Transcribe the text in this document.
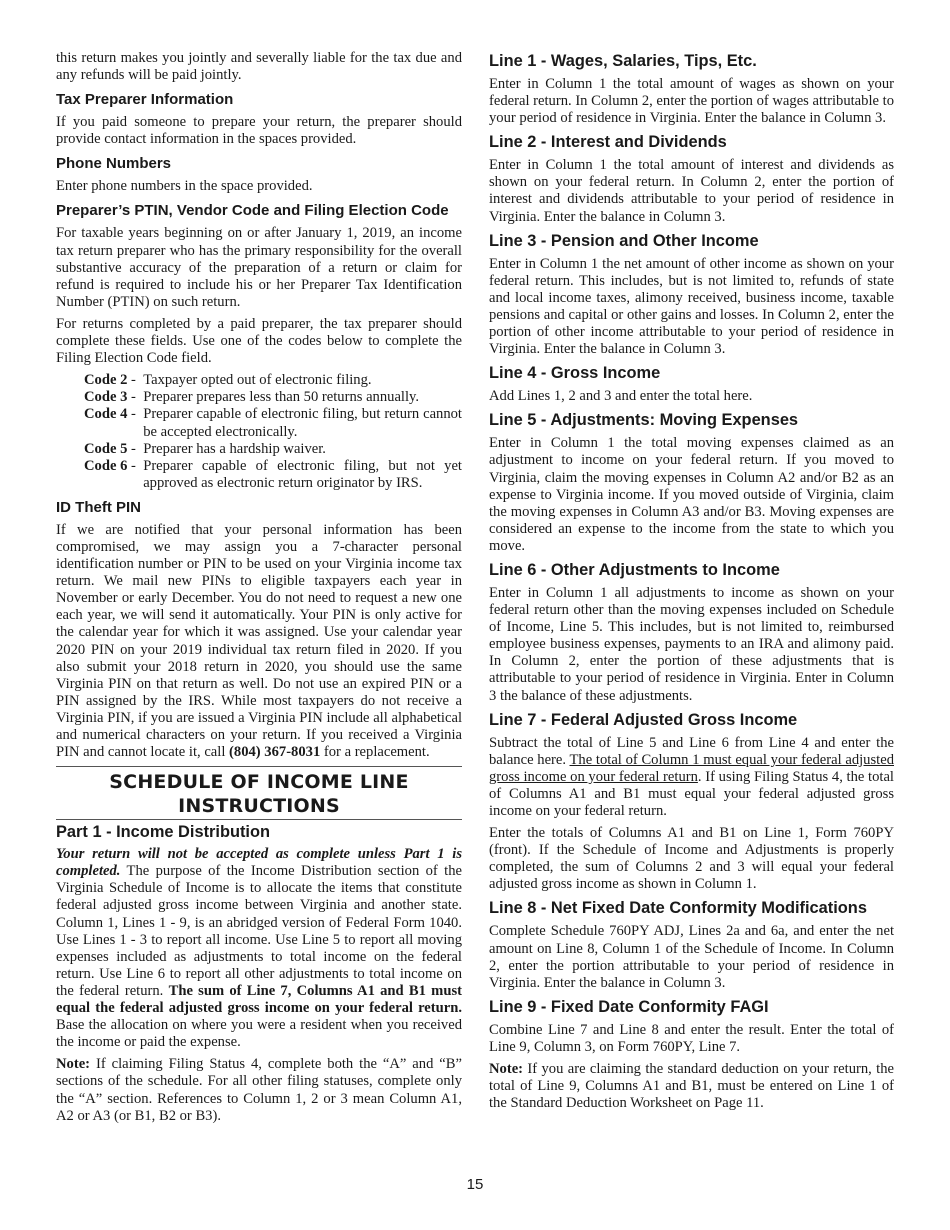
this return makes you jointly and severally liable for the tax due and any refunds will be paid jointly.

Tax Preparer Information

If you paid someone to prepare your return, the preparer should provide contact information in the spaces provided.

Phone Numbers

Enter phone numbers in the space provided.

Preparer’s PTIN, Vendor Code and Filing Election Code

For taxable years beginning on or after January 1, 2019, an income tax return preparer who has the primary responsibility for the overall substantive accuracy of the preparation of a return or claim for refund is required to include his or her Preparer Tax Identification Number (PTIN) on such return.

For returns completed by a paid preparer, the tax preparer should complete these fields. Use one of the codes below to complete the Filing Election Code field.

Code 2 - Taxpayer opted out of electronic filing.
Code 3 - Preparer prepares less than 50 returns annually.
Code 4 - Preparer capable of electronic filing, but return cannot be accepted electronically.
Code 5 - Preparer has a hardship waiver.
Code 6 - Preparer capable of electronic filing, but not yet approved as electronic return originator by IRS.
ID Theft PIN

If we are notified that your personal information has been compromised, we may assign you a 7-character personal identification number or PIN to be used on your Virginia income tax return. We mail new PINs to eligible taxpayers each year in November or early December. You do not need to request a new one each year, we will send it automatically. Your PIN is only active for the calendar year for which it was assigned. Use your calendar year 2020 PIN on your 2019 individual tax return filed in 2020. If you also submit your 2018 return in 2020, you should use the same Virginia PIN on that return as well. Do not use an expired PIN or a PIN assigned by the IRS. While most taxpayers do not receive a Virginia PIN, if you are issued a Virginia PIN include all alphabetical and numerical characters on your return. If you received a Virginia PIN and cannot locate it, call (804) 367-8031 for a replacement.

SCHEDULE OF INCOME LINE
INSTRUCTIONS
Part 1 - Income Distribution

Your return will not be accepted as complete unless Part 1 is completed. The purpose of the Income Distribution section of the Virginia Schedule of Income is to allocate the items that constitute federal adjusted gross income between Virginia and another state. Column 1, Lines 1 - 9, is an abridged version of Federal Form 1040. Use Lines 1 - 3 to report all income. Use Line 5 to report all moving expenses included as adjustments to total income on the federal return. Use Line 6 to report all other adjustments to total income on the federal return. The sum of Line 7, Columns A1 and B1 must equal the federal adjusted gross income on your federal return. Base the allocation on where you were a resident when you received the income or paid the expense.

Note: If claiming Filing Status 4, complete both the “A” and “B” sections of the schedule. For all other filing statuses, complete only the “A” section. References to Column 1, 2 or 3 mean Column A1, A2 or A3 (or B1, B2 or B3).

Line 1 - Wages, Salaries, Tips, Etc.

Enter in Column 1 the total amount of wages as shown on your federal return. In Column 2, enter the portion of wages attributable to your period of residence in Virginia. Enter the balance in Column 3.

Line 2 - Interest and Dividends

Enter in Column 1 the total amount of interest and dividends as shown on your federal return. In Column 2, enter the portion of interest and dividends attributable to your period of residence in Virginia. Enter the balance in Column 3.

Line 3 - Pension and Other Income

Enter in Column 1 the net amount of other income as shown on your federal return. This includes, but is not limited to, refunds of state and local income taxes, alimony received, business income, taxable pensions and capital or other gains and losses. In Column 2, enter the portion of other income attributable to your period of residence in Virginia. Enter the balance in Column 3.

Line 4 - Gross Income

Add Lines 1, 2 and 3 and enter the total here.

Line 5 - Adjustments: Moving Expenses

Enter in Column 1 the total moving expenses claimed as an adjustment to income on your federal return. If you moved to Virginia, claim the moving expenses in Column A2 and/or B2 as an expense to Virginia income. If you moved outside of Virginia, claim the moving expenses in Column A3 and/or B3. Moving expenses are considered an expense to the income from the state to which you move.

Line 6 - Other Adjustments to Income

Enter in Column 1 all adjustments to income as shown on your federal return other than the moving expenses included on Schedule of Income, Line 5. This includes, but is not limited to, reimbursed employee business expenses, payments to an IRA and alimony paid. In Column 2, enter the portion of these adjustments that is attributable to your period of residence in Virginia. Enter in Column 3 the balance of these adjustments.

Line 7 - Federal Adjusted Gross Income

Subtract the total of Line 5 and Line 6 from Line 4 and enter the balance here. The total of Column 1 must equal your federal adjusted gross income on your federal return. If using Filing Status 4, the total of Columns A1 and B1 must equal your federal adjusted gross income on your federal return.

Enter the totals of Columns A1 and B1 on Line 1, Form 760PY (front). If the Schedule of Income and Adjustments is properly completed, the sum of Columns 2 and 3 will equal your federal adjusted gross income as shown in Column 1.

Line 8 - Net Fixed Date Conformity Modifications

Complete Schedule 760PY ADJ, Lines 2a and 6a, and enter the net amount on Line 8, Column 1 of the Schedule of Income. In Column 2, enter the portion attributable to your period of residence in Virginia. Enter the balance in Column 3.

Line 9 - Fixed Date Conformity FAGI

Combine Line 7 and Line 8 and enter the result. Enter the total of Line 9, Column 3, on Form 760PY, Line 7.

Note: If you are claiming the standard deduction on your return, the total of Line 9, Columns A1 and B1, must be entered on Line 1 of the Standard Deduction Worksheet on Page 11.

15
